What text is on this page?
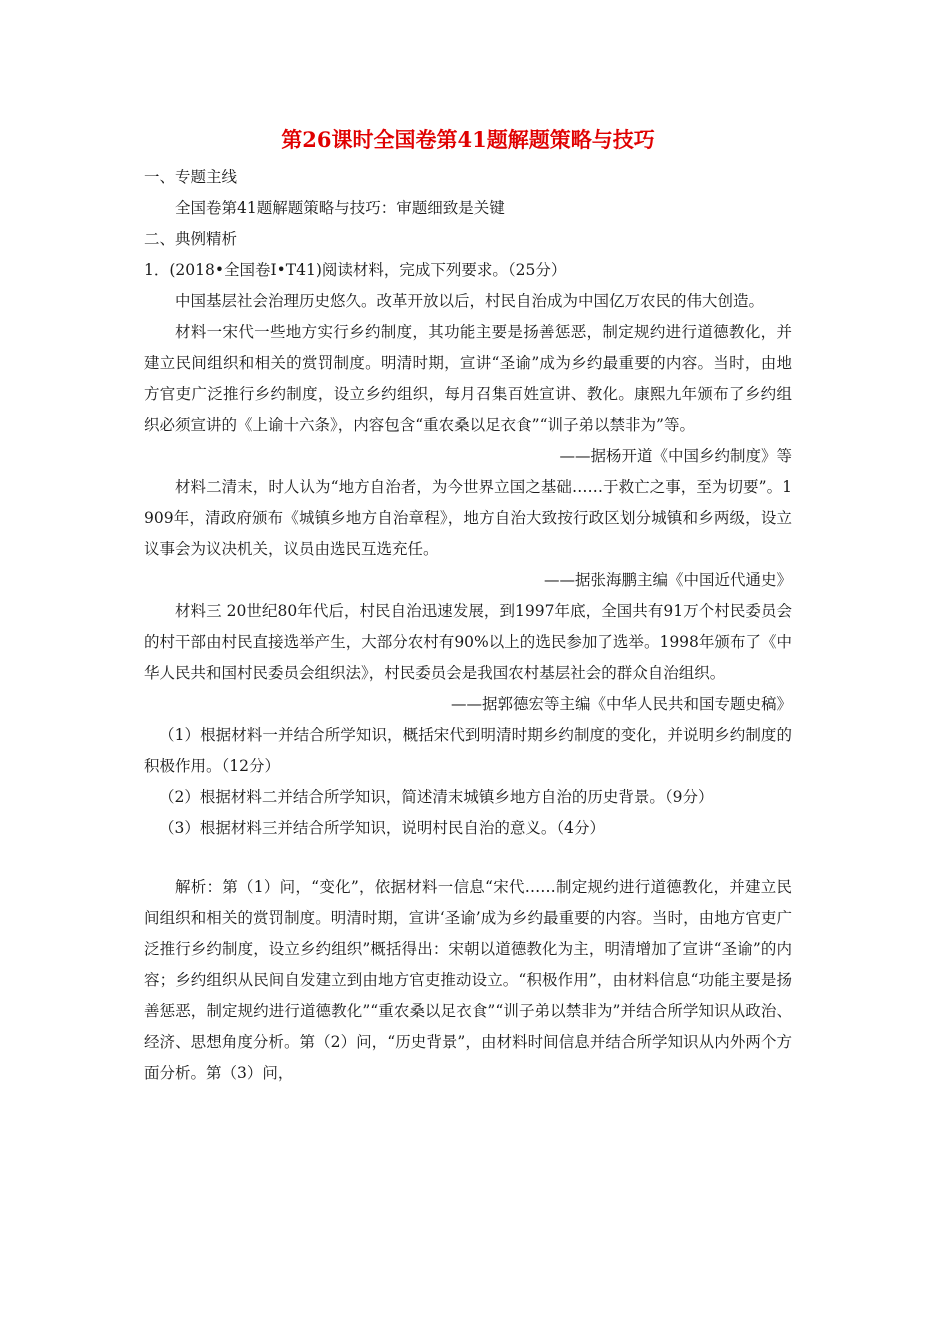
第26课时全国卷第41题解题策略与技巧

一、专题主线

全国卷第41题解题策略与技巧：审题细致是关键

二、典例精析

1．(2018•全国卷Ⅰ•T41)阅读材料，完成下列要求。（25分）

中国基层社会治理历史悠久。改革开放以后，村民自治成为中国亿万农民的伟大创造。

材料一宋代一些地方实行乡约制度，其功能主要是扬善惩恶，制定规约进行道德教化，并建立民间组织和相关的赏罚制度。明清时期，宣讲“圣谕”成为乡约最重要的内容。当时，由地方官吏广泛推行乡约制度，设立乡约组织，每月召集百姓宣讲、教化。康熙九年颁布了乡约组织必须宣讲的《上谕十六条》，内容包含“重农桑以足衣食”“训子弟以禁非为”等。

——据杨开道《中国乡约制度》等

材料二清末，时人认为“地方自治者，为今世界立国之基础……于救亡之事，至为切要”。1909年，清政府颁布《城镇乡地方自治章程》，地方自治大致按行政区划分城镇和乡两级，设立议事会为议决机关，议员由选民互选充任。

——据张海鹏主编《中国近代通史》

材料三 20世纪80年代后，村民自治迅速发展，到1997年底，全国共有91万个村民委员会的村干部由村民直接选举产生，大部分农村有90%以上的选民参加了选举。1998年颁布了《中华人民共和国村民委员会组织法》，村民委员会是我国农村基层社会的群众自治组织。

——据郭德宏等主编《中华人民共和国专题史稿》

（1）根据材料一并结合所学知识，概括宋代到明清时期乡约制度的变化，并说明乡约制度的积极作用。（12分）

（2）根据材料二并结合所学知识，简述清末城镇乡地方自治的历史背景。（9分）

（3）根据材料三并结合所学知识，说明村民自治的意义。（4分）

解析：第（1）问，“变化”，依据材料一信息“宋代……制定规约进行道德教化，并建立民间组织和相关的赏罚制度。明清时期，宣讲‘圣谕’成为乡约最重要的内容。当时，由地方官吏广泛推行乡约制度，设立乡约组织”概括得出：宋朝以道德教化为主，明清增加了宣讲“圣谕”的内容；乡约组织从民间自发建立到由地方官吏推动设立。“积极作用”，由材料信息“功能主要是扬善惩恶，制定规约进行道德教化”“重农桑以足衣食”“训子弟以禁非为”并结合所学知识从政治、经济、思想角度分析。第（2）问，“历史背景”，由材料时间信息并结合所学知识从内外两个方面分析。第（3）问，
